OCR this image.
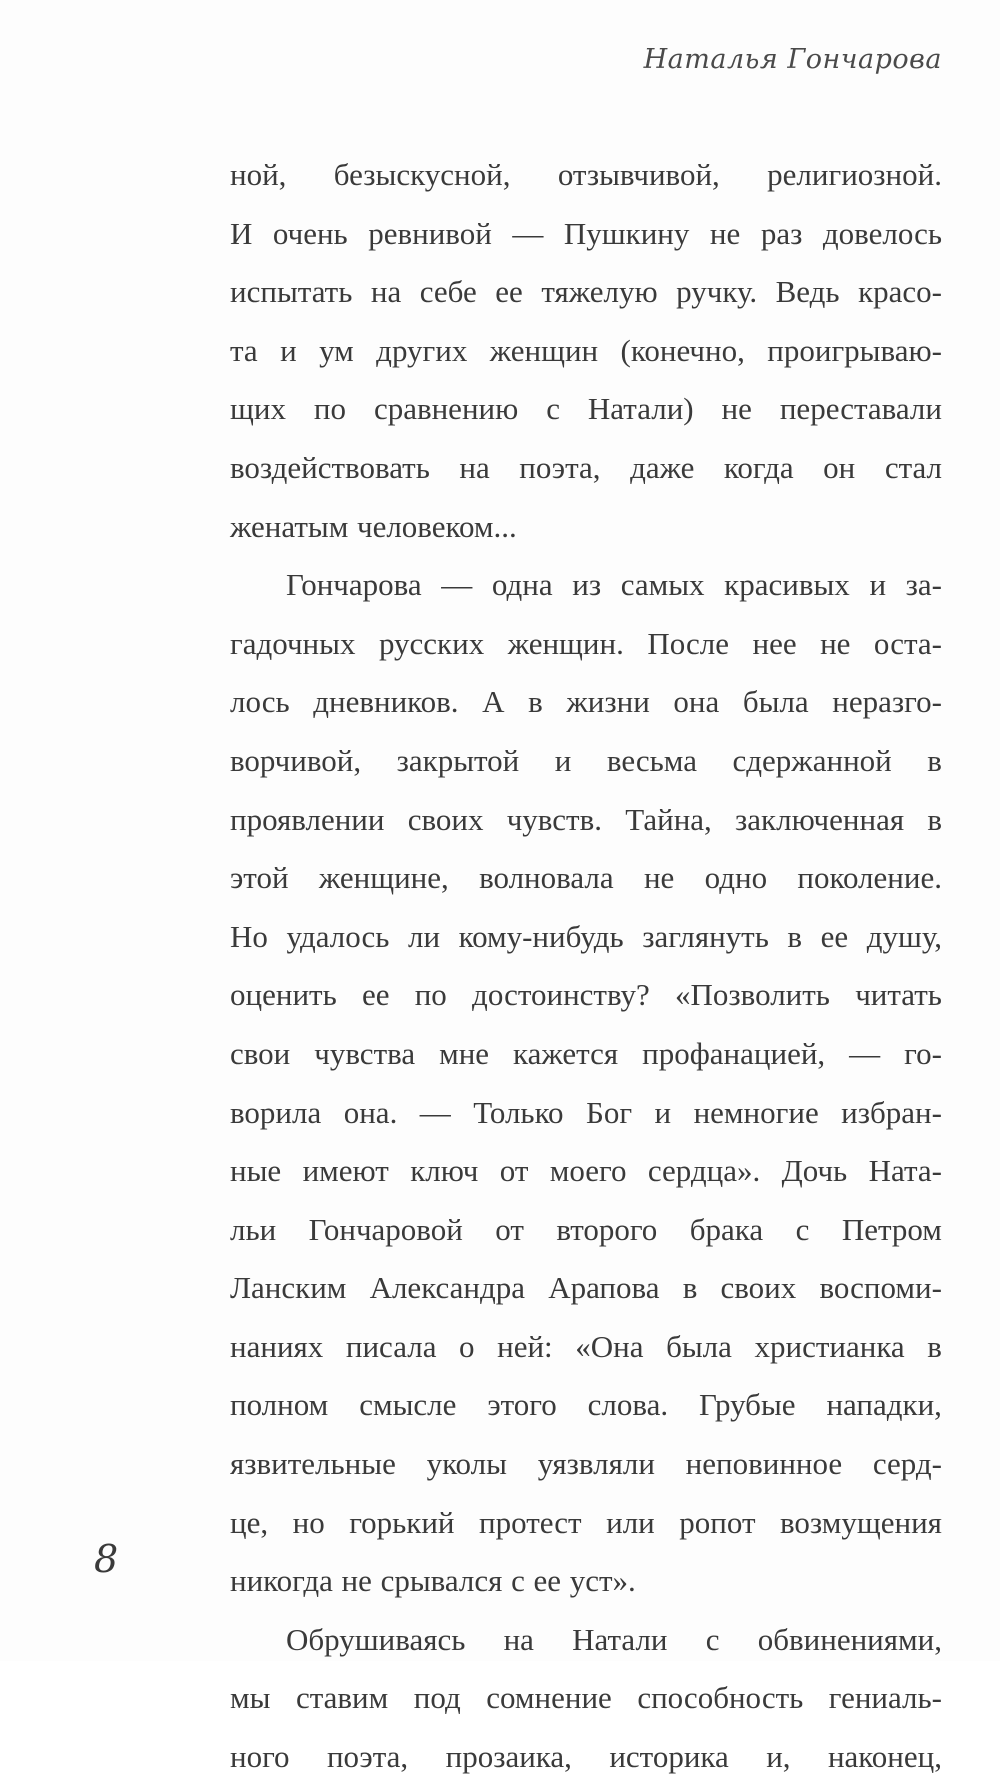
Наталья Гончарова
ной, безыскусной, отзывчивой, религиозной.
И очень ревнивой — Пушкину не раз довелось
испытать на себе ее тяжелую ручку. Ведь красо-
та и ум других женщин (конечно, проигрываю-
щих по сравнению с Натали) не переставали
воздействовать на поэта, даже когда он стал
женатым человеком...
Гончарова — одна из самых красивых и за-
гадочных русских женщин. После нее не оста-
лось дневников. А в жизни она была неразго-
ворчивой, закрытой и весьма сдержанной в
проявлении своих чувств. Тайна, заключенная в
этой женщине, волновала не одно поколение.
Но удалось ли кому-нибудь заглянуть в ее душу,
оценить ее по достоинству? «Позволить читать
свои чувства мне кажется профанацией, — го-
ворила она. — Только Бог и немногие избран-
ные имеют ключ от моего сердца». Дочь Ната-
льи Гончаровой от второго брака с Петром
Ланским Александра Арапова в своих воспоми-
наниях писала о ней: «Она была христианка в
полном смысле этого слова. Грубые нападки,
язвительные уколы уязвляли неповинное серд-
це, но горький протест или ропот возмущения
никогда не срывался с ее уст».
Обрушиваясь на Натали с обвинениями,
мы ставим под сомнение способность гениаль-
ного поэта, прозаика, историка и, наконец,
8
